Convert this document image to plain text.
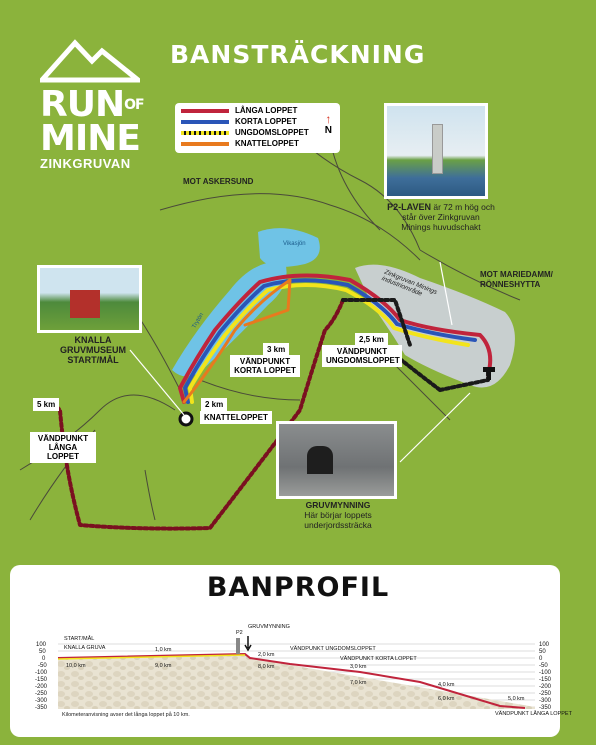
$RUN^{OF}$
MINE
ZINKGRUVAN
BANSTRÄCKNING
LÅNGA LOPPET
KORTA LOPPET
UNGDOMSLOPPET
KNATTELOPPET
↑
N
MOT ASKERSUND
Vikasjön
Trytön
Zinkgruvan Minings industriområde
MOT MARIEDAMM/ RÖNNESHYTTA
P2-LAVEN är 72 m hög och står över Zinkgruvan Minings huvudschakt
KNALLA
GRUVMUSEUM
START/MÅL
GRUVMYNNING
Här börjar loppets underjordssträcka
5 km
VÄNDPUNKT LÅNGA LOPPET
3 km
VÄNDPUNKT KORTA LOPPET
2,5 km
VÄNDPUNKT UNGDOMSLOPPET
2 km
KNATTELOPPET
BANPROFIL
100
50
0
-50
-100
-150
-200
-250
-300
-350
100
50
0
-50
-100
-150
-200
-250
-300
-350
START/MÅL
KNALLA GRUVA
P2
GRUVMYNNING
VÄNDPUNKT UNGDOMSLOPPET
VÄNDPUNKT KORTA LOPPET
VÄNDPUNKT LÅNGA LOPPET
10,0 km
1,0 km
9,0 km
2,0 km
8,0 km	3,0 km
7,0 km	4,0 km
6,0 km	5,0 km
Kilometeranvisning avser det långa loppet på 10 km.
